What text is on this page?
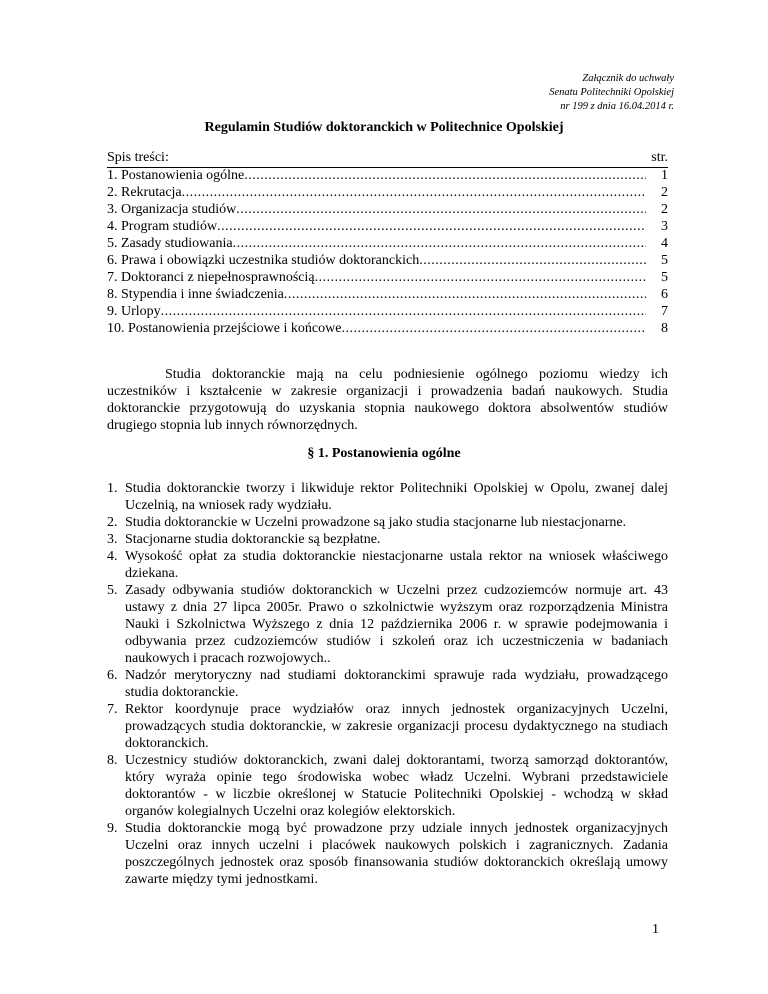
Załącznik do uchwały
Senatu Politechniki Opolskiej
nr 199 z dnia 16.04.2014 r.
Regulamin Studiów doktoranckich w Politechnice Opolskiej
Spis treści:	str.
1. Postanowienia ogólne .....	1
2. Rekrutacja .....	2
3. Organizacja studiów .....	2
4. Program studiów .....	3
5. Zasady studiowania .....	4
6. Prawa i obowiązki uczestnika studiów doktoranckich .....	5
7. Doktoranci z niepełnosprawnością .....	5
8. Stypendia i inne świadczenia .....	6
9. Urlopy .....	7
10. Postanowienia przejściowe i końcowe .....	8

Studia doktoranckie mają na celu podniesienie ogólnego poziomu wiedzy ich uczestników i kształcenie w zakresie organizacji i prowadzenia badań naukowych. Studia doktoranckie przygotowują do uzyskania stopnia naukowego doktora absolwentów studiów drugiego stopnia lub innych równorzędnych.

§ 1. Postanowienia ogólne
1. Studia doktoranckie tworzy i likwiduje rektor Politechniki Opolskiej w Opolu, zwanej dalej Uczelnią, na wniosek rady wydziału.
2. Studia doktoranckie w Uczelni prowadzone są jako studia stacjonarne lub niestacjonarne.
3. Stacjonarne studia doktoranckie są bezpłatne.
4. Wysokość opłat za studia doktoranckie niestacjonarne ustala rektor na wniosek właściwego dziekana.
5. Zasady odbywania studiów doktoranckich w Uczelni przez cudzoziemców normuje art. 43 ustawy z dnia 27 lipca 2005r. Prawo o szkolnictwie wyższym oraz rozporządzenia Ministra Nauki i Szkolnictwa Wyższego z dnia 12 października 2006 r. w sprawie podejmowania i odbywania przez cudzoziemców studiów i szkoleń oraz ich uczestniczenia w badaniach naukowych i pracach rozwojowych..
6. Nadzór merytoryczny nad studiami doktoranckimi sprawuje rada wydziału, prowadzącego studia doktoranckie.
7. Rektor koordynuje prace wydziałów oraz innych jednostek organizacyjnych Uczelni, prowadzących studia doktoranckie, w zakresie organizacji procesu dydaktycznego na studiach doktoranckich.
8. Uczestnicy studiów doktoranckich, zwani dalej doktorantami, tworzą samorząd doktorantów, który wyraża opinie tego środowiska wobec władz Uczelni. Wybrani przedstawiciele doktorantów - w liczbie określonej w Statucie Politechniki Opolskiej - wchodzą w skład organów kolegialnych Uczelni oraz kolegiów elektorskich.
9. Studia doktoranckie mogą być prowadzone przy udziale innych jednostek organizacyjnych Uczelni oraz innych uczelni i placówek naukowych polskich i zagranicznych. Zadania poszczególnych jednostek oraz sposób finansowania studiów doktoranckich określają umowy zawarte między tymi jednostkami.
1
